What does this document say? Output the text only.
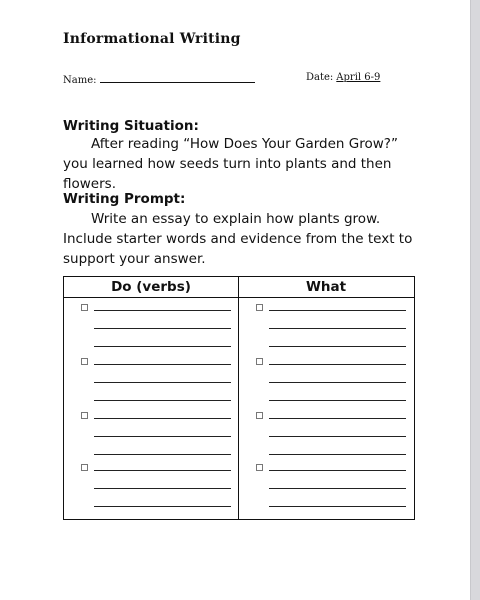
Informational Writing
Name:	Date: April 6-9
Writing Situation:
After reading “How Does Your Garden Grow?” you learned how seeds turn into plants and then flowers.
Writing Prompt:
Write an essay to explain how plants grow. Include starter words and evidence from the text to support your answer.
Do (verbs)	What
